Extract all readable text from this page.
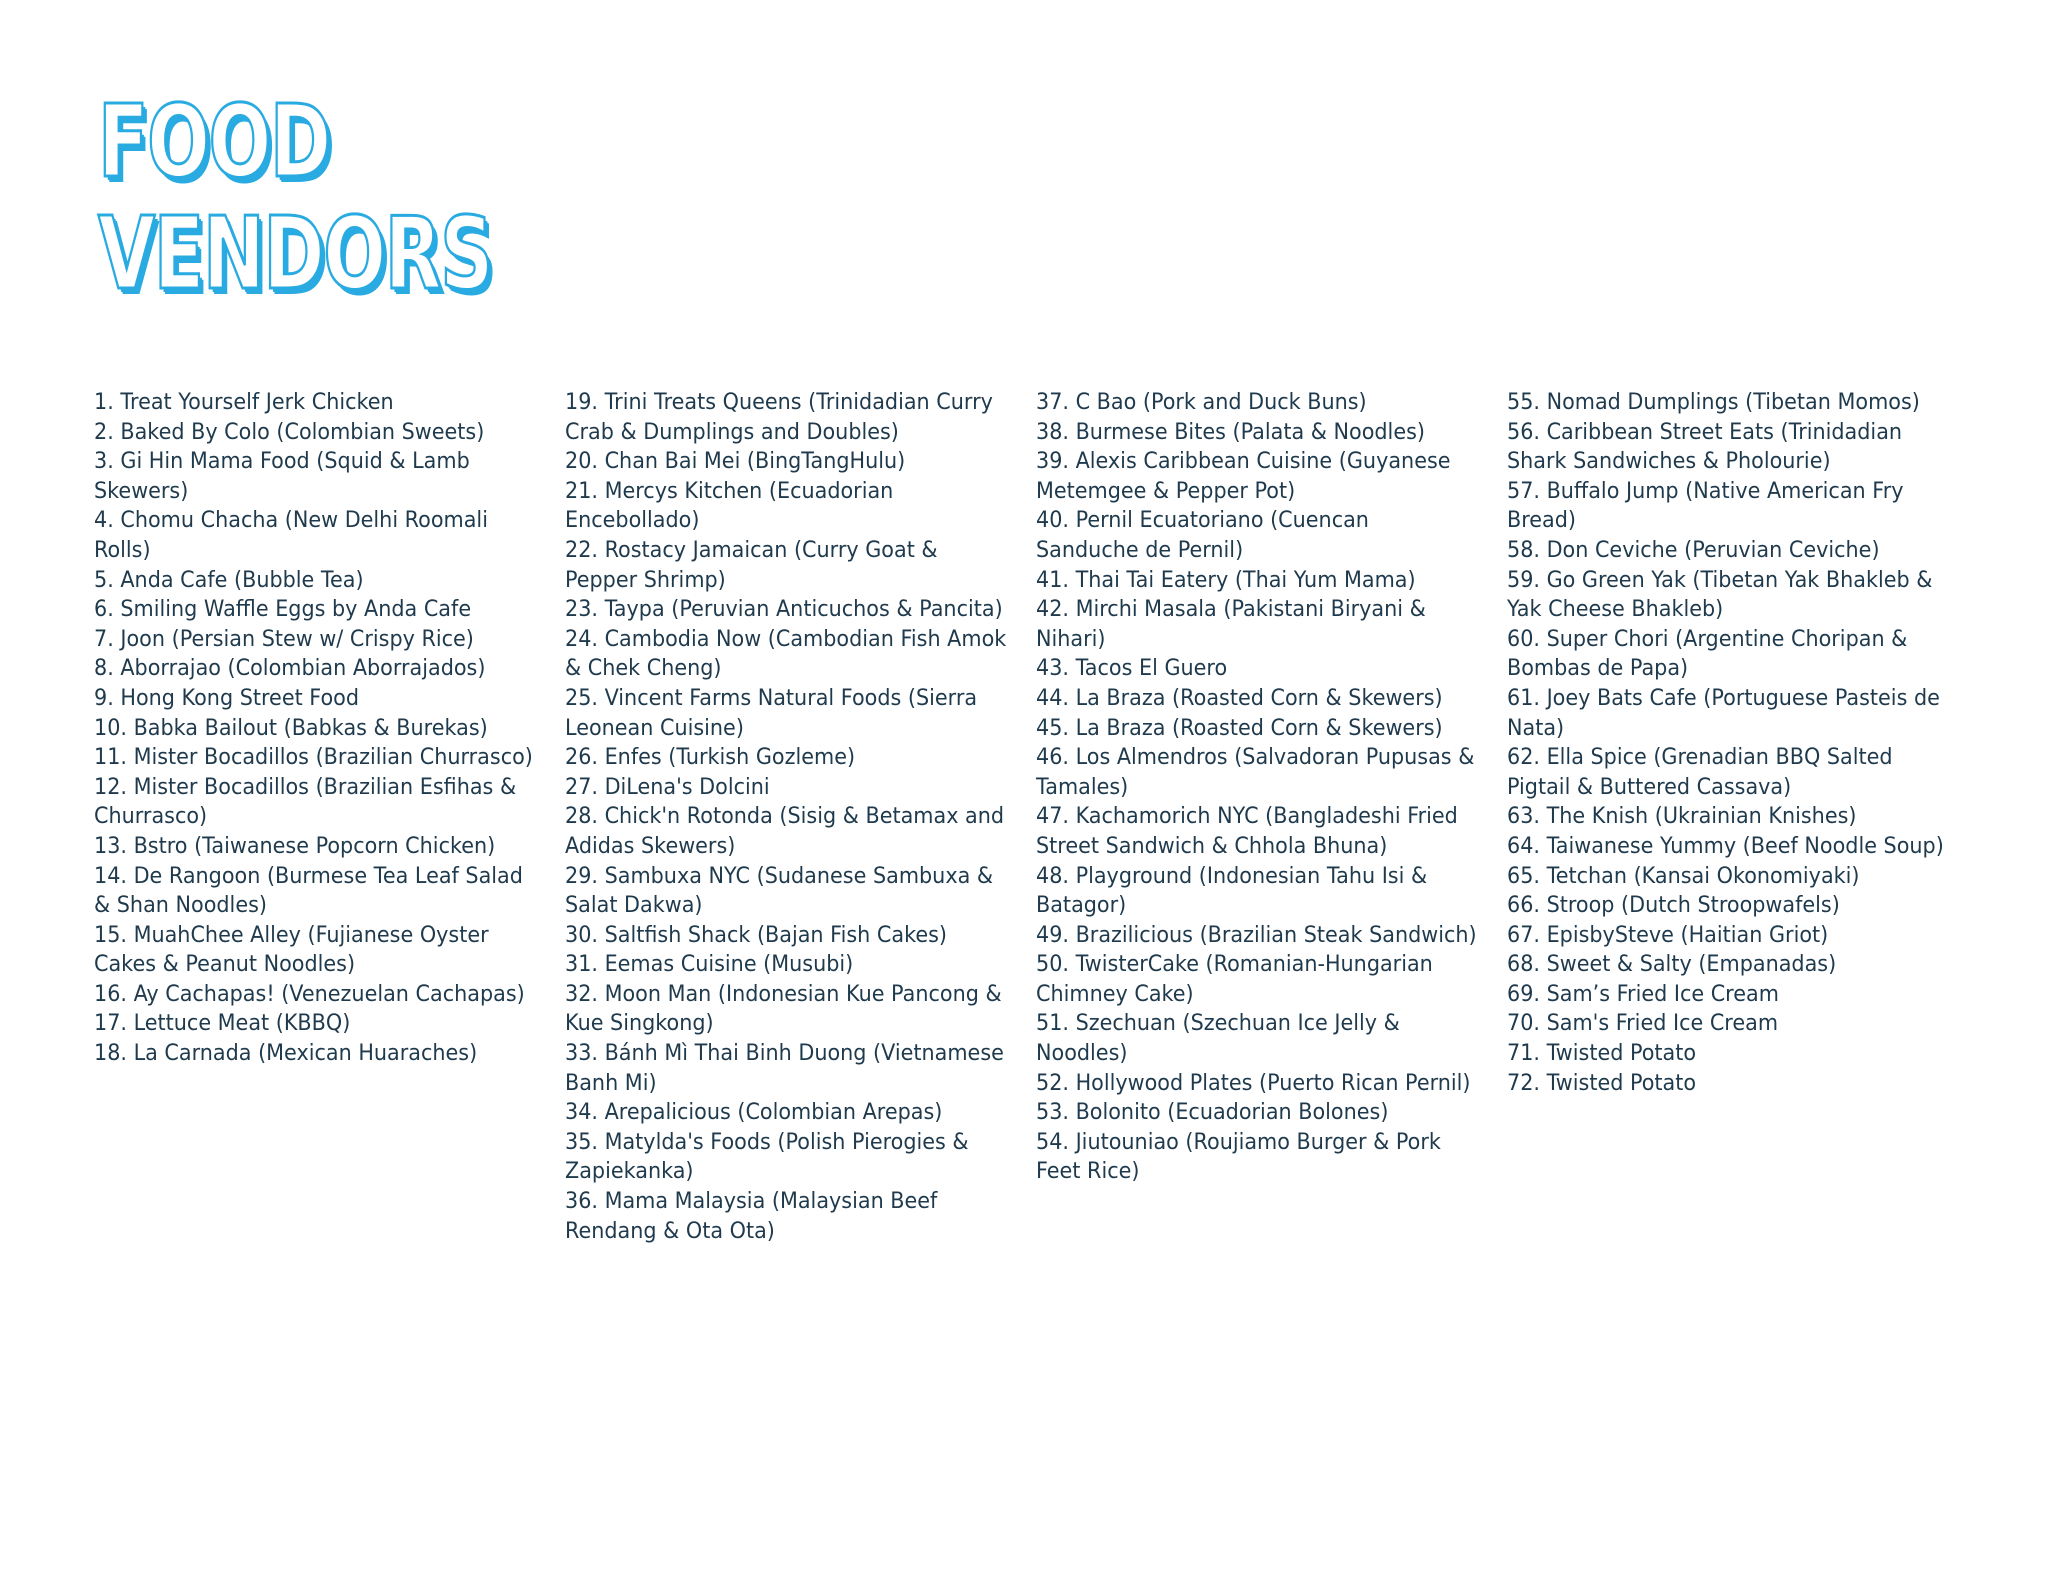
FOOD
VENDORS
1. Treat Yourself Jerk Chicken
2. Baked By Colo (Colombian Sweets)
3. Gi Hin Mama Food (Squid & Lamb Skewers)
4. Chomu Chacha (New Delhi Roomali Rolls)
5. Anda Cafe (Bubble Tea)
6. Smiling Waffle Eggs by Anda Cafe
7. Joon (Persian Stew w/ Crispy Rice)
8. Aborrajao (Colombian Aborrajados)
9. Hong Kong Street Food
10. Babka Bailout (Babkas & Burekas)
11. Mister Bocadillos (Brazilian Churrasco)
12. Mister Bocadillos (Brazilian Esfihas & Churrasco)
13. Bstro (Taiwanese Popcorn Chicken)
14. De Rangoon (Burmese Tea Leaf Salad & Shan Noodles)
15. MuahChee Alley (Fujianese Oyster Cakes & Peanut Noodles)
16. Ay Cachapas! (Venezuelan Cachapas)
17. Lettuce Meat (KBBQ)
18. La Carnada (Mexican Huaraches)
19. Trini Treats Queens (Trinidadian Curry Crab & Dumplings and Doubles)
20. Chan Bai Mei (BingTangHulu)
21. Mercys Kitchen (Ecuadorian Encebollado)
22. Rostacy Jamaican (Curry Goat & Pepper Shrimp)
23. Taypa (Peruvian Anticuchos & Pancita)
24. Cambodia Now (Cambodian Fish Amok & Chek Cheng)
25. Vincent Farms Natural Foods (Sierra Leonean Cuisine)
26. Enfes (Turkish Gozleme)
27. DiLena's Dolcini
28. Chick'n Rotonda (Sisig & Betamax and Adidas Skewers)
29. Sambuxa NYC (Sudanese Sambuxa & Salat Dakwa)
30. Saltfish Shack (Bajan Fish Cakes)
31. Eemas Cuisine (Musubi)
32. Moon Man (Indonesian Kue Pancong & Kue Singkong)
33. Bánh Mì Thai Binh Duong (Vietnamese Banh Mi)
34. Arepalicious (Colombian Arepas)
35. Matylda's Foods (Polish Pierogies & Zapiekanka)
36. Mama Malaysia (Malaysian Beef Rendang & Ota Ota)
37. C Bao (Pork and Duck Buns)
38. Burmese Bites (Palata & Noodles)
39. Alexis Caribbean Cuisine (Guyanese Metemgee & Pepper Pot)
40. Pernil Ecuatoriano (Cuencan Sanduche de Pernil)
41. Thai Tai Eatery (Thai Yum Mama)
42. Mirchi Masala (Pakistani Biryani & Nihari)
43. Tacos El Guero
44. La Braza (Roasted Corn & Skewers)
45. La Braza (Roasted Corn & Skewers)
46. Los Almendros (Salvadoran Pupusas & Tamales)
47. Kachamorich NYC (Bangladeshi Fried Street Sandwich & Chhola Bhuna)
48. Playground (Indonesian Tahu Isi & Batagor)
49. Brazilicious (Brazilian Steak Sandwich)
50. TwisterCake (Romanian-Hungarian Chimney Cake)
51. Szechuan (Szechuan Ice Jelly & Noodles)
52. Hollywood Plates (Puerto Rican Pernil)
53. Bolonito (Ecuadorian Bolones)
54. Jiutouniao (Roujiamo Burger & Pork Feet Rice)
55. Nomad Dumplings (Tibetan Momos)
56. Caribbean Street Eats (Trinidadian Shark Sandwiches & Pholourie)
57. Buffalo Jump (Native American Fry Bread)
58. Don Ceviche (Peruvian Ceviche)
59. Go Green Yak (Tibetan Yak Bhakleb & Yak Cheese Bhakleb)
60. Super Chori (Argentine Choripan & Bombas de Papa)
61. Joey Bats Cafe (Portuguese Pasteis de Nata)
62. Ella Spice (Grenadian BBQ Salted Pigtail & Buttered Cassava)
63. The Knish (Ukrainian Knishes)
64. Taiwanese Yummy (Beef Noodle Soup)
65. Tetchan (Kansai Okonomiyaki)
66. Stroop (Dutch Stroopwafels)
67. EpisbySteve (Haitian Griot)
68. Sweet & Salty (Empanadas)
69. Sam’s Fried Ice Cream
70. Sam's Fried Ice Cream
71. Twisted Potato
72. Twisted Potato
